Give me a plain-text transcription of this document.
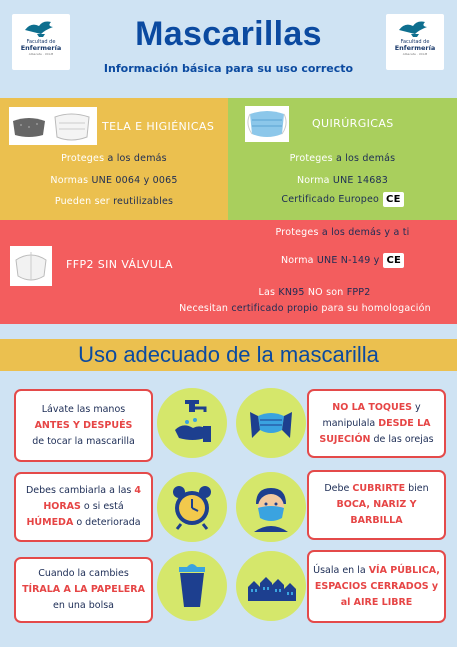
Facultad de
Enfermería
Albacete · UCLM
Facultad de
Enfermería
Albacete · UCLM
Mascarillas
Información básica para su uso correcto
TELA E HIGIÉNICAS
Proteges a los demás
Normas UNE 0064 y 0065
Pueden ser reutilizables
QUIRÚRGICAS
Proteges a los demás
Norma UNE 14683
Certificado Europeo CE
FFP2 SIN VÁLVULA
Proteges a los demás y a ti
Norma UNE N-149 y CE
Las KN95 NO son FPP2
Necesitan certificado propio para su homologación
Uso adecuado de la mascarilla
Lávate las manos
ANTES Y DESPUÉS
de tocar la mascarilla
NO LA TOQUES y manipulala DESDE LA SUJECIÓN de las orejas
Debes cambiarla a las 4 HORAS o si está HÚMEDA o deteriorada
Debe CUBRIRTE bien BOCA, NARIZ Y BARBILLA
Cuando la cambies TÍRALA A LA PAPELERA en una bolsa
Úsala en la VÍA PÚBLICA, ESPACIOS CERRADOS y al AIRE LIBRE
